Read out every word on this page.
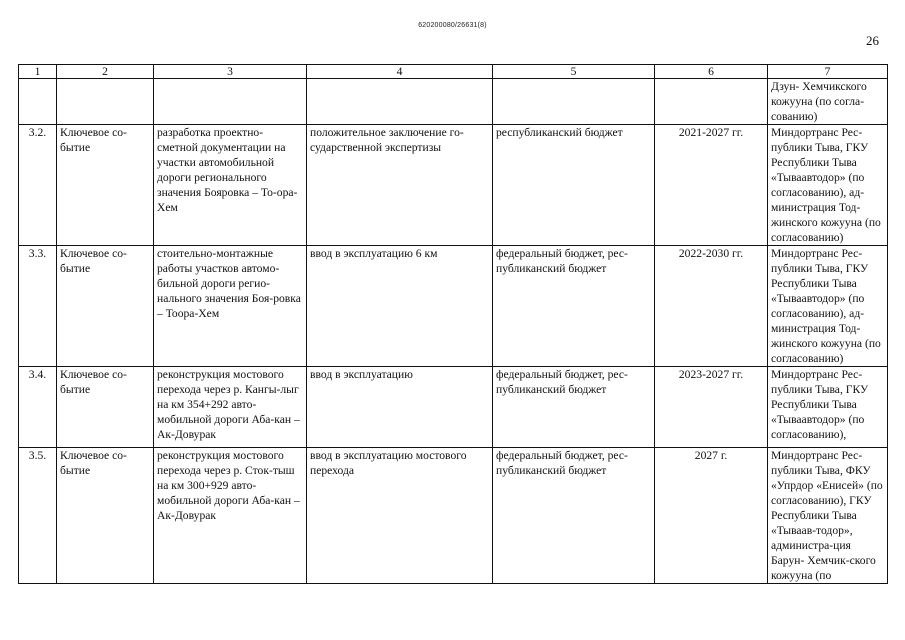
620200080/26631(8)
26
1	2	3	4	5	6	7
						Дзун- Хемчикского кожууна (по согла-сованию)
3.2.	Ключевое со-бытие	разработка проектно-сметной документации на участки автомобильной дороги регионального значения Бояровка – То-ора-Хем	положительное заключение го-сударственной экспертизы	республиканский бюджет	2021-2027 гг.	Миндортранс Рес-публики Тыва, ГКУ Республики Тыва «Тываавтодор» (по согласованию), ад-министрация Тод-жинского кожууна (по согласованию)
3.3.	Ключевое со-бытие	стоительно-монтажные работы участков автомо-бильной дороги регио-нального значения Боя-ровка – Тоора-Хем	ввод в эксплуатацию 6 км	федеральный бюджет, рес-публиканский бюджет	2022-2030 гг.	Миндортранс Рес-публики Тыва, ГКУ Республики Тыва «Тываавтодор» (по согласованию), ад-министрация Тод-жинского кожууна (по согласованию)
3.4.	Ключевое со-бытие	реконструкция мостового перехода через р. Кангы-лыг на км 354+292 авто-мобильной дороги Аба-кан – Ак-Довурак	ввод в эксплуатацию	федеральный бюджет, рес-публиканский бюджет	2023-2027 гг.	Миндортранс Рес-публики Тыва, ГКУ Республики Тыва «Тываавтодор» (по согласованию),
3.5.	Ключевое со-бытие	реконструкция мостового перехода через р. Сток-тыш на км 300+929 авто-мобильной дороги Аба-кан – Ак-Довурак	ввод в эксплуатацию мостового перехода	федеральный бюджет, рес-публиканский бюджет	2027 г.	Миндортранс Рес-публики Тыва, ФКУ «Упрдор «Енисей» (по согласованию), ГКУ Республики Тыва «Тываав-тодор», администра-ция Барун- Хемчик-ского кожууна (по
